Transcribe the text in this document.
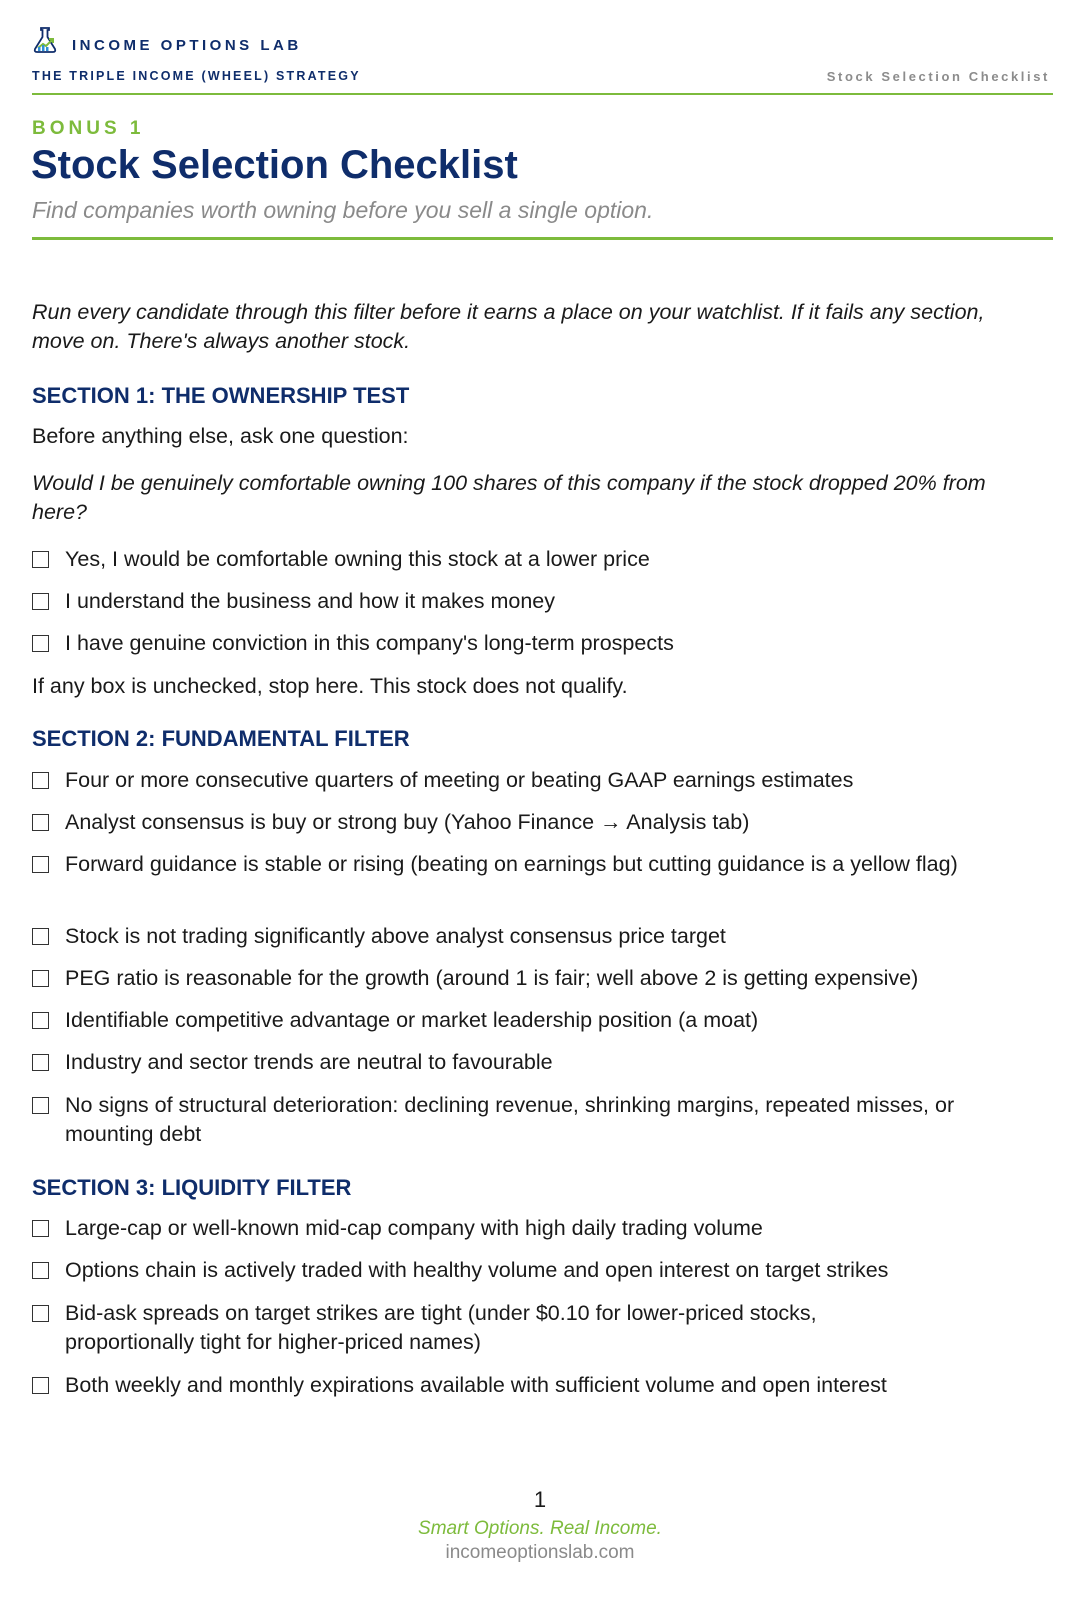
INCOME OPTIONS LAB
THE TRIPLE INCOME (WHEEL) STRATEGY	Stock Selection Checklist
BONUS 1
Stock Selection Checklist
Find companies worth owning before you sell a single option.
Run every candidate through this filter before it earns a place on your watchlist. If it fails any section, move on. There's always another stock.
SECTION 1: THE OWNERSHIP TEST
Before anything else, ask one question:
Would I be genuinely comfortable owning 100 shares of this company if the stock dropped 20% from here?
Yes, I would be comfortable owning this stock at a lower price
I understand the business and how it makes money
I have genuine conviction in this company's long-term prospects
If any box is unchecked, stop here. This stock does not qualify.
SECTION 2: FUNDAMENTAL FILTER
Four or more consecutive quarters of meeting or beating GAAP earnings estimates
Analyst consensus is buy or strong buy (Yahoo Finance → Analysis tab)
Forward guidance is stable or rising (beating on earnings but cutting guidance is a yellow flag)
Stock is not trading significantly above analyst consensus price target
PEG ratio is reasonable for the growth (around 1 is fair; well above 2 is getting expensive)
Identifiable competitive advantage or market leadership position (a moat)
Industry and sector trends are neutral to favourable
No signs of structural deterioration: declining revenue, shrinking margins, repeated misses, or mounting debt
SECTION 3: LIQUIDITY FILTER
Large-cap or well-known mid-cap company with high daily trading volume
Options chain is actively traded with healthy volume and open interest on target strikes
Bid-ask spreads on target strikes are tight (under $0.10 for lower-priced stocks, proportionally tight for higher-priced names)
Both weekly and monthly expirations available with sufficient volume and open interest
1
Smart Options. Real Income.
incomeoptionslab.com
